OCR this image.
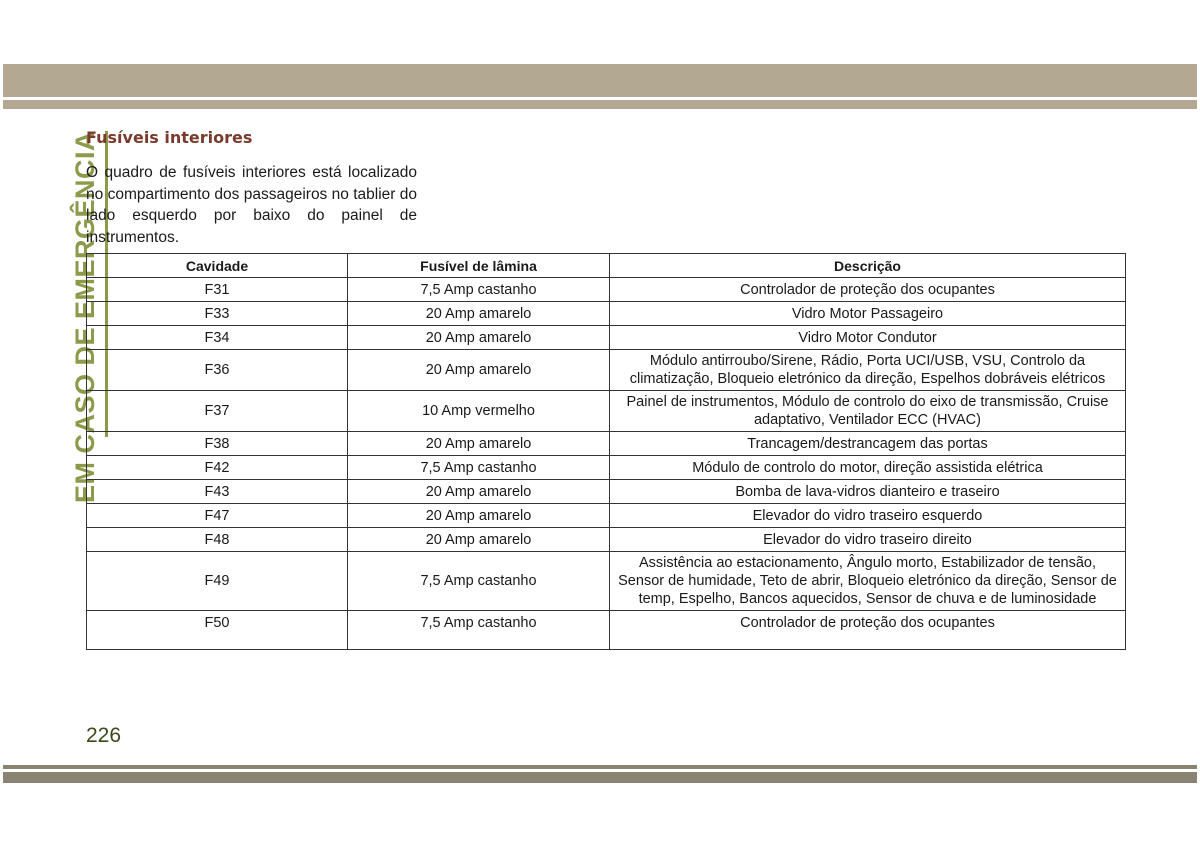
EM CASO DE EMERGÊNCIA
Fusíveis interiores
O quadro de fusíveis interiores está localizado no compartimento dos passageiros no tablier do lado esquerdo por baixo do painel de instrumentos.
Cavidade	Fusível de lâmina	Descrição
F31	7,5 Amp castanho	Controlador de proteção dos ocupantes
F33	20 Amp amarelo	Vidro Motor Passageiro
F34	20 Amp amarelo	Vidro Motor Condutor
F36	20 Amp amarelo	Módulo antirroubo/Sirene, Rádio, Porta UCI/USB, VSU, Controlo da climatização, Bloqueio eletrónico da direção, Espelhos dobráveis elétricos
F37	10 Amp vermelho	Painel de instrumentos, Módulo de controlo do eixo de transmissão, Cruise adaptativo, Ventilador ECC (HVAC)
F38	20 Amp amarelo	Trancagem/destrancagem das portas
F42	7,5 Amp castanho	Módulo de controlo do motor, direção assistida elétrica
F43	20 Amp amarelo	Bomba de lava-vidros dianteiro e traseiro
F47	20 Amp amarelo	Elevador do vidro traseiro esquerdo
F48	20 Amp amarelo	Elevador do vidro traseiro direito
F49	7,5 Amp castanho	Assistência ao estacionamento, Ângulo morto, Estabilizador de tensão, Sensor de humidade, Teto de abrir, Bloqueio eletrónico da direção, Sensor de temp, Espelho, Bancos aquecidos, Sensor de chuva e de luminosidade
F50	7,5 Amp castanho	Controlador de proteção dos ocupantes
226
